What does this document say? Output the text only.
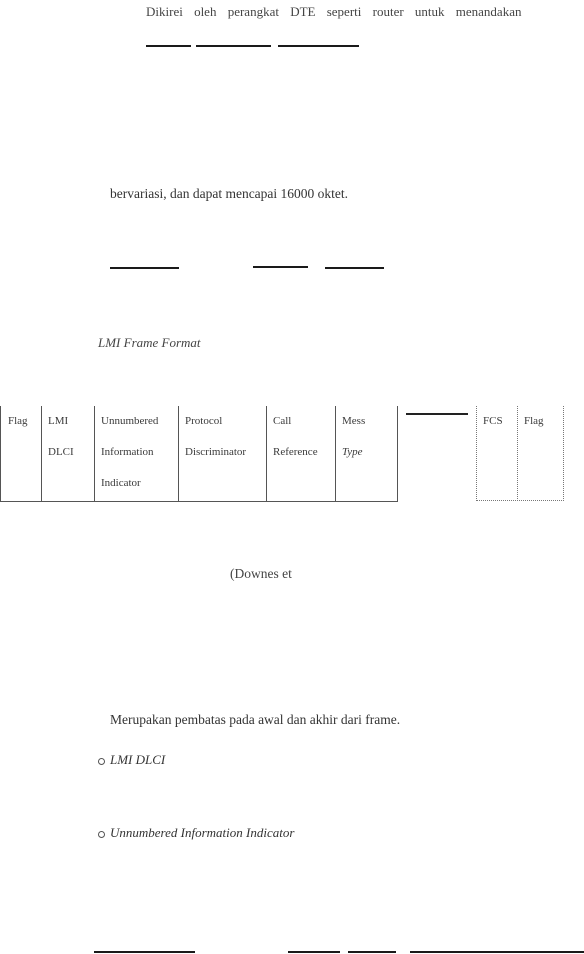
Dikirei oleh perangkat DTE seperti router untuk menandakan
bervariasi, dan dapat mencapai 16000 oktet.
LMI Frame Format
Flag	LMI
DLCI
Unnumbered
Information
Indicator
Protocol
Discriminator
Call
Reference
Mess
Type
FCS	Flag
(Downes et
Merupakan pembatas pada awal dan akhir dari frame.
LMI DLCI
Unnumbered Information Indicator
